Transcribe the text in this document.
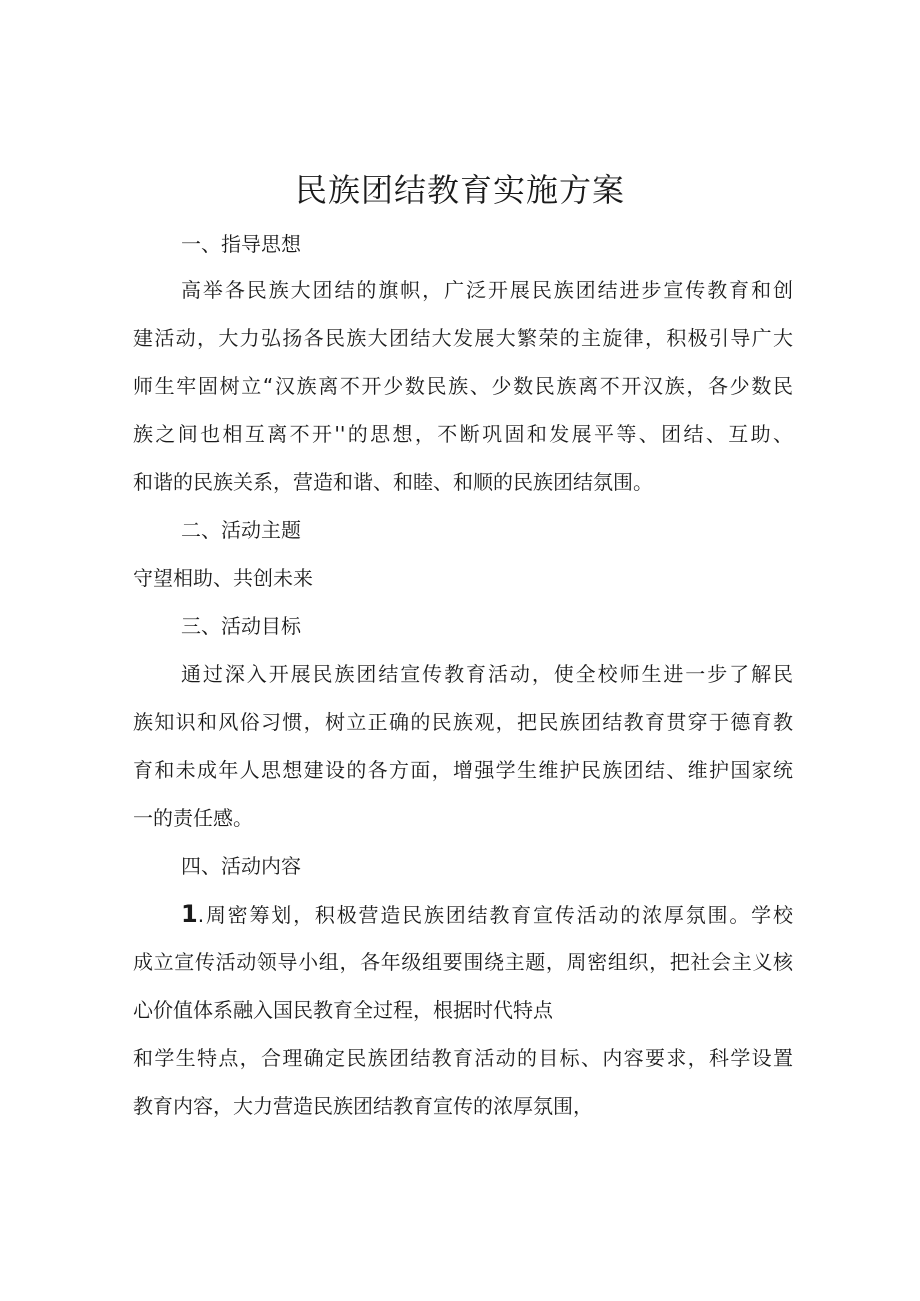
民族团结教育实施方案

一、指导思想

高举各民族大团结的旗帜，广泛开展民族团结进步宣传教育和创

建活动，大力弘扬各民族大团结大发展大繁荣的主旋律，积极引导广大

师生牢固树立“汉族离不开少数民族、少数民族离不开汉族，各少数民

族之间也相互离不开''的思想，不断巩固和发展平等、团结、互助、

和谐的民族关系，营造和谐、和睦、和顺的民族团结氛围。

二、活动主题

守望相助、共创未来

三、活动目标

通过深入开展民族团结宣传教育活动，使全校师生进一步了解民

族知识和风俗习惯，树立正确的民族观，把民族团结教育贯穿于德育教

育和未成年人思想建设的各方面，增强学生维护民族团结、维护国家统

一的责任感。

四、活动内容

1.周密筹划，积极营造民族团结教育宣传活动的浓厚氛围。学校

成立宣传活动领导小组，各年级组要围绕主题，周密组织，把社会主义核

心价值体系融入国民教育全过程，根据时代特点

和学生特点，合理确定民族团结教育活动的目标、内容要求，科学设置

教育内容，大力营造民族团结教育宣传的浓厚氛围，
